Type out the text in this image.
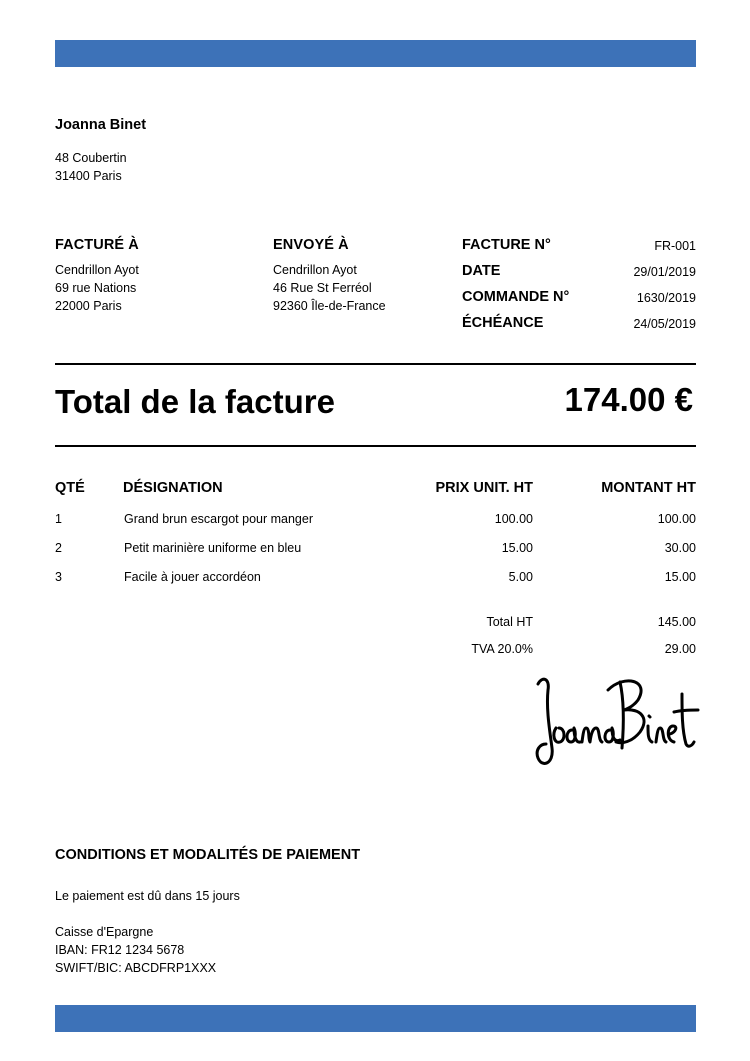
Joanna Binet
48 Coubertin
31400 Paris
FACTURÉ À
Cendrillon Ayot
69 rue Nations
22000 Paris
ENVOYÉ À
Cendrillon Ayot
46 Rue St Ferréol
92360 Île-de-France
FACTURE N°	FR-001
DATE	29/01/2019
COMMANDE N°	1630/2019
ÉCHÉANCE	24/05/2019
Total de la facture	174.00 €
QTÉ	DÉSIGNATION	PRIX UNIT. HT	MONTANT HT
1	Grand brun escargot pour manger	100.00	100.00
2	Petit marinière uniforme en bleu	15.00	30.00
3	Facile à jouer accordéon	5.00	15.00
Total HT	145.00
TVA 20.0%	29.00
CONDITIONS ET MODALITÉS DE PAIEMENT
Le paiement est dû dans 15 jours
Caisse d'Epargne
IBAN: FR12 1234 5678
SWIFT/BIC: ABCDFRP1XXX
